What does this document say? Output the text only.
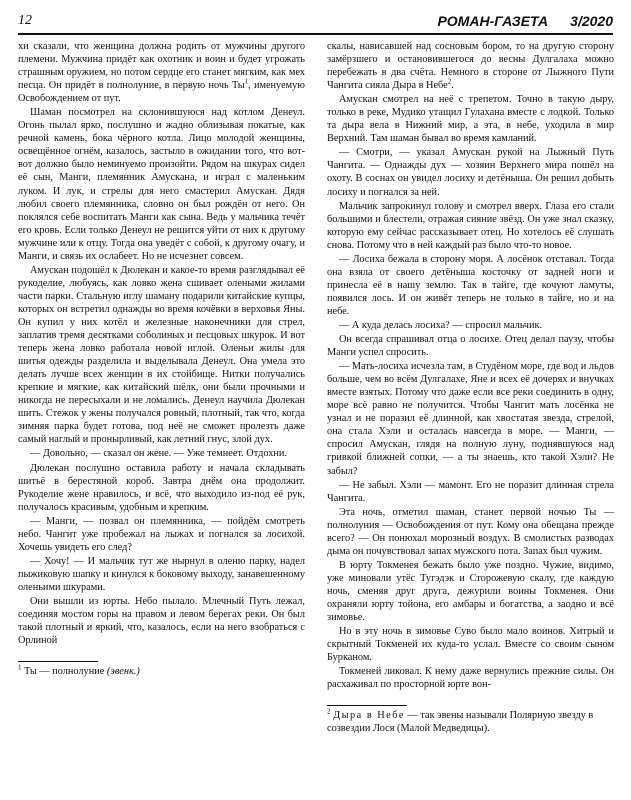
12	РОМАН-ГАЗЕТА 3/2020

хи сказали, что женщина должна родить от мужчины другого племени. Мужчина придёт как охотник и воин и будет угрожать страшным оружием, но потом сердце его станет мягким, как мех песца. Он придёт в полнолуние, в первую ночь $Ты^1$, именуемую Освобождением от пут.

Шаман посмотрел на склонившуюся над котлом Денеул. Огонь пылал ярко, послушно и жадно облизывая покатые, как речной камень, бока чёрного котла. Лицо молодой женщины, освещённое огнём, казалось, застыло в ожидании того, что вот-вот должно было неминуемо произойти. Рядом на шкурах сидел её сын, Манги, племянник Амускана, и играл с маленьким луком. И лук, и стрелы для него смастерил Амускан. Дядя любил своего племянника, словно он был рождён от него. Он поклялся себе воспитать Манги как сына. Ведь у мальчика течёт его кровь. Если только Денеул не решится уйти от них к другому мужчине или к отцу. Тогда она уведёт с собой, к другому очагу, и Манги, и связь их ослабеет. Но не исчезнет совсем.

Амускан подошёл к Дюлекан и какое-то время разглядывал её рукоделие, любуясь, как ловко жена сшивает олеными жилами части парки. Стальную иглу шаману подарили китайские купцы, которых он встретил однажды во время кочёвки в верховья Яны. Он купил у них котёл и железные наконечники для стрел, заплатив тремя десятками соболиных и песцовых шкурок. И вот теперь жена ловко работала новой иглой. Оленьи жилы для шитья одежды разделила и выделывала Денеул. Она умела это делать лучше всех женщин в их стойбище. Нитки получались крепкие и мягкие, как китайский шёлк, они были прочными и никогда не пересыхали и не ломались. Денеул научила Дюлекан шить. Стежок у жены получался ровный, плотный, так что, когда зимняя парка будет готова, под неё не сможет пролезть даже самый наглый и пронырливый, как летний гнус, злой дух.

— Довольно, — сказал он жене. — Уже темнеет. Отдохни.

Дюлекан послушно оставила работу и начала складывать шитьё в берестяной короб. Завтра днём она продолжит. Рукоделие жене нравилось, и всё, что выходило из-под её рук, получалось красивым, удобным и крепким.

— Манги, — позвал он племянника, — пойдём смотреть небо. Чангит уже пробежал на лыжах и погнался за лосихой. Хочешь увидеть его след?

— Хочу! — И мальчик тут же нырнул в оленю парку, надел пыжиковую шапку и кинулся к боковому выходу, занавешенному оленьими шкурами.

Они вышли из юрты. Небо пылало. Млечный Путь лежал, соединяя мостом горы на правом и левом берегах реки. Он был такой плотный и яркий, что, казалось, если на него взобраться с Орлиной

$^1$ Ты — полнолуние (эвенк.)

скалы, нависавшей над сосновым бором, то на другую сторону замёрзшего и остановившегося до весны Дулгалаха можно перебежать в два счёта. Немного в стороне от Лыжного Пути Чангита сияла Дыра в Небе$^2$.

Амускан смотрел на неё с трепетом. Точно в такую дыру, только в реке, Мудико утащил Гулахана вместе с лодкой. Только та дыра вела в Нижний мир, а эта, в небе, уходила в мир Верхний. Там шаман бывал во время камланий.

— Смотри, — указал Амускан рукой на Лыжный Путь Чангита. — Однажды дух — хозяин Верхнего мира пошёл на охоту. В соснах он увидел лосиху и детёныша. Он решил добыть лосиху и погнался за ней.

Мальчик запрокинул голову и смотрел вверх. Глаза его стали большими и блестели, отражая сияние звёзд. Он уже знал сказку, которую ему сейчас рассказывает отец. Но хотелось её слушать снова. Потому что в ней каждый раз было что-то новое.

— Лосиха бежала в сторону моря. А лосёнок отставал. Тогда она взяла от своего детёныша косточку от задней ноги и принесла её в нашу землю. Так в тайге, где кочуют ламуты, появился лось. И он живёт теперь не только в тайге, но и на небе.

— А куда делась лосиха? — спросил мальчик.

Он всегда спрашивал отца о лосихе. Отец делал паузу, чтобы Манги успел спросить.

— Мать-лосиха исчезла там, в Студёном море, где вод и льдов больше, чем во всём Дулгалахе, Яне и всех её дочерях и внучках вместе взятых. Потому что даже если все реки соединить в одну, море всё равно не получится. Чтобы Чангит мать лосёнка не узнал и не поразил её длинной, как хвостатая звезда, стрелой, она стала Хэли и осталась навсегда в море. — Манги, — спросил Амускан, глядя на полную луну, поднявшуюся над гривкой ближней сопки, — а ты знаешь, кто такой Хэли? Не забыл?

— Не забыл. Хэли — мамонт. Его не поразит длинная стрела Чангита.

Эта ночь, отметил шаман, станет первой ночью Ты — полнолуния — Освобождения от пут. Кому она обещана прежде всего? — Он понюхал морозный воздух. В смолистых разводах дыма он почувствовал запах мужского пота. Запах был чужим.

В юрту Токменея бежать было уже поздно. Чужие, видимо, уже миновали утёс Тугэдэк и Сторожевую скалу, где каждую ночь, сменяя друг друга, дежурили воины Токменея. Они охраняли юрту тойона, его амбары и богатства, а заодно и всё зимовье.

Но в эту ночь в зимовье Суво было мало воинов. Хитрый и скрытный Токменей их куда-то услал. Вместе со своим сыном Бурканом.

Токменей ликовал. К нему даже вернулись прежние силы. Он расхаживал по просторной юрте вон-

$^2$ Дыра в Небе — так эвены называли Полярную звезду в созвездии Лося (Малой Медведицы).
